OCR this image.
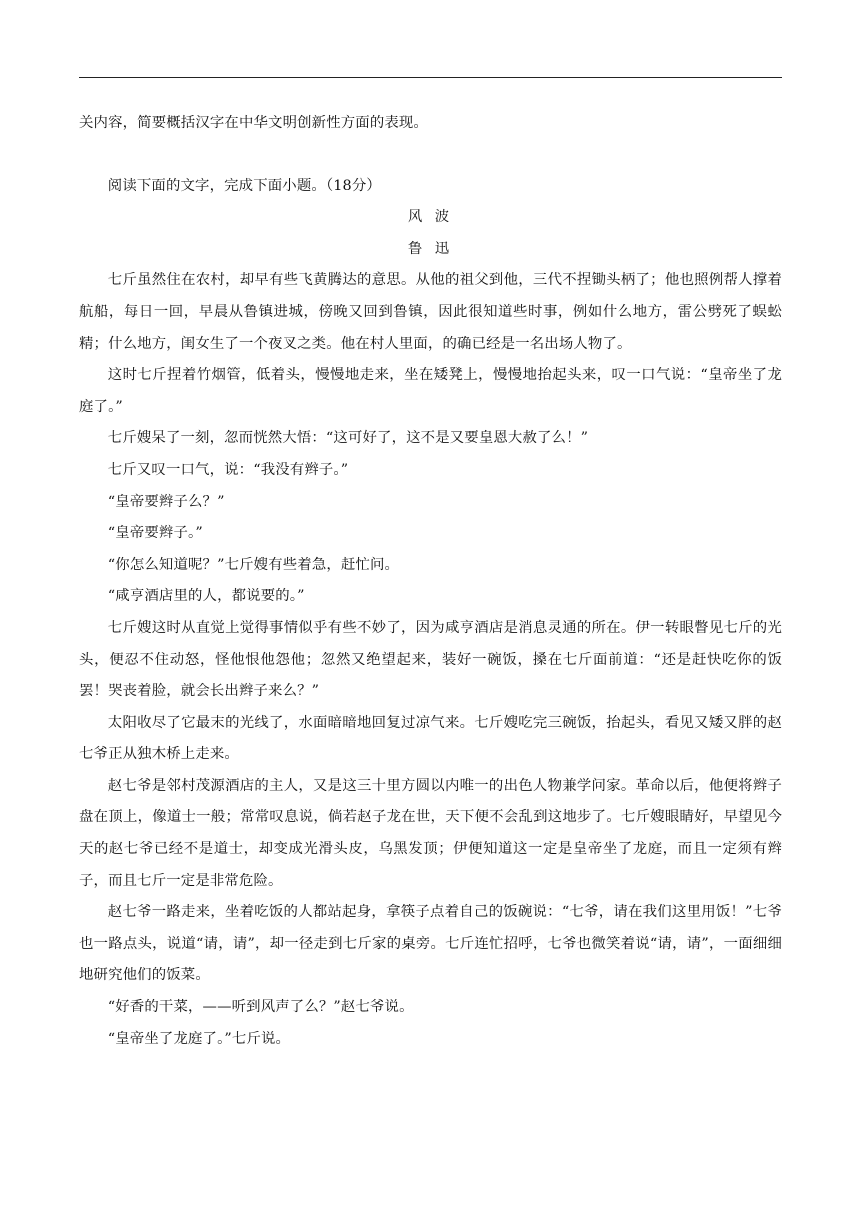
关内容，简要概括汉字在中华文明创新性方面的表现。

阅读下面的文字，完成下面小题。（18分）

风 波

鲁 迅

七斤虽然住在农村，却早有些飞黄腾达的意思。从他的祖父到他，三代不捏锄头柄了；他也照例帮人撑着航船，每日一回，早晨从鲁镇进城，傍晚又回到鲁镇，因此很知道些时事，例如什么地方，雷公劈死了蜈蚣精；什么地方，闺女生了一个夜叉之类。他在村人里面，的确已经是一名出场人物了。

这时七斤捏着竹烟管，低着头，慢慢地走来，坐在矮凳上，慢慢地抬起头来，叹一口气说：“皇帝坐了龙庭了。”

七斤嫂呆了一刻，忽而恍然大悟：“这可好了，这不是又要皇恩大赦了么！”

七斤又叹一口气，说：“我没有辫子。”

“皇帝要辫子么？”

“皇帝要辫子。”

“你怎么知道呢？”七斤嫂有些着急，赶忙问。

“咸亨酒店里的人，都说要的。”

七斤嫂这时从直觉上觉得事情似乎有些不妙了，因为咸亨酒店是消息灵通的所在。伊一转眼瞥见七斤的光头，便忍不住动怒，怪他恨他怨他；忽然又绝望起来，装好一碗饭，搡在七斤面前道：“还是赶快吃你的饭罢！哭丧着脸，就会长出辫子来么？”

太阳收尽了它最末的光线了，水面暗暗地回复过凉气来。七斤嫂吃完三碗饭，抬起头，看见又矮又胖的赵七爷正从独木桥上走来。

赵七爷是邻村茂源酒店的主人，又是这三十里方圆以内唯一的出色人物兼学问家。革命以后，他便将辫子盘在顶上，像道士一般；常常叹息说，倘若赵子龙在世，天下便不会乱到这地步了。七斤嫂眼睛好，早望见今天的赵七爷已经不是道士，却变成光滑头皮，乌黑发顶；伊便知道这一定是皇帝坐了龙庭，而且一定须有辫子，而且七斤一定是非常危险。

赵七爷一路走来，坐着吃饭的人都站起身，拿筷子点着自己的饭碗说：“七爷，请在我们这里用饭！”七爷也一路点头，说道“请，请”，却一径走到七斤家的桌旁。七斤连忙招呼，七爷也微笑着说“请，请”，一面细细地研究他们的饭菜。

“好香的干菜，——听到风声了么？”赵七爷说。

“皇帝坐了龙庭了。”七斤说。
